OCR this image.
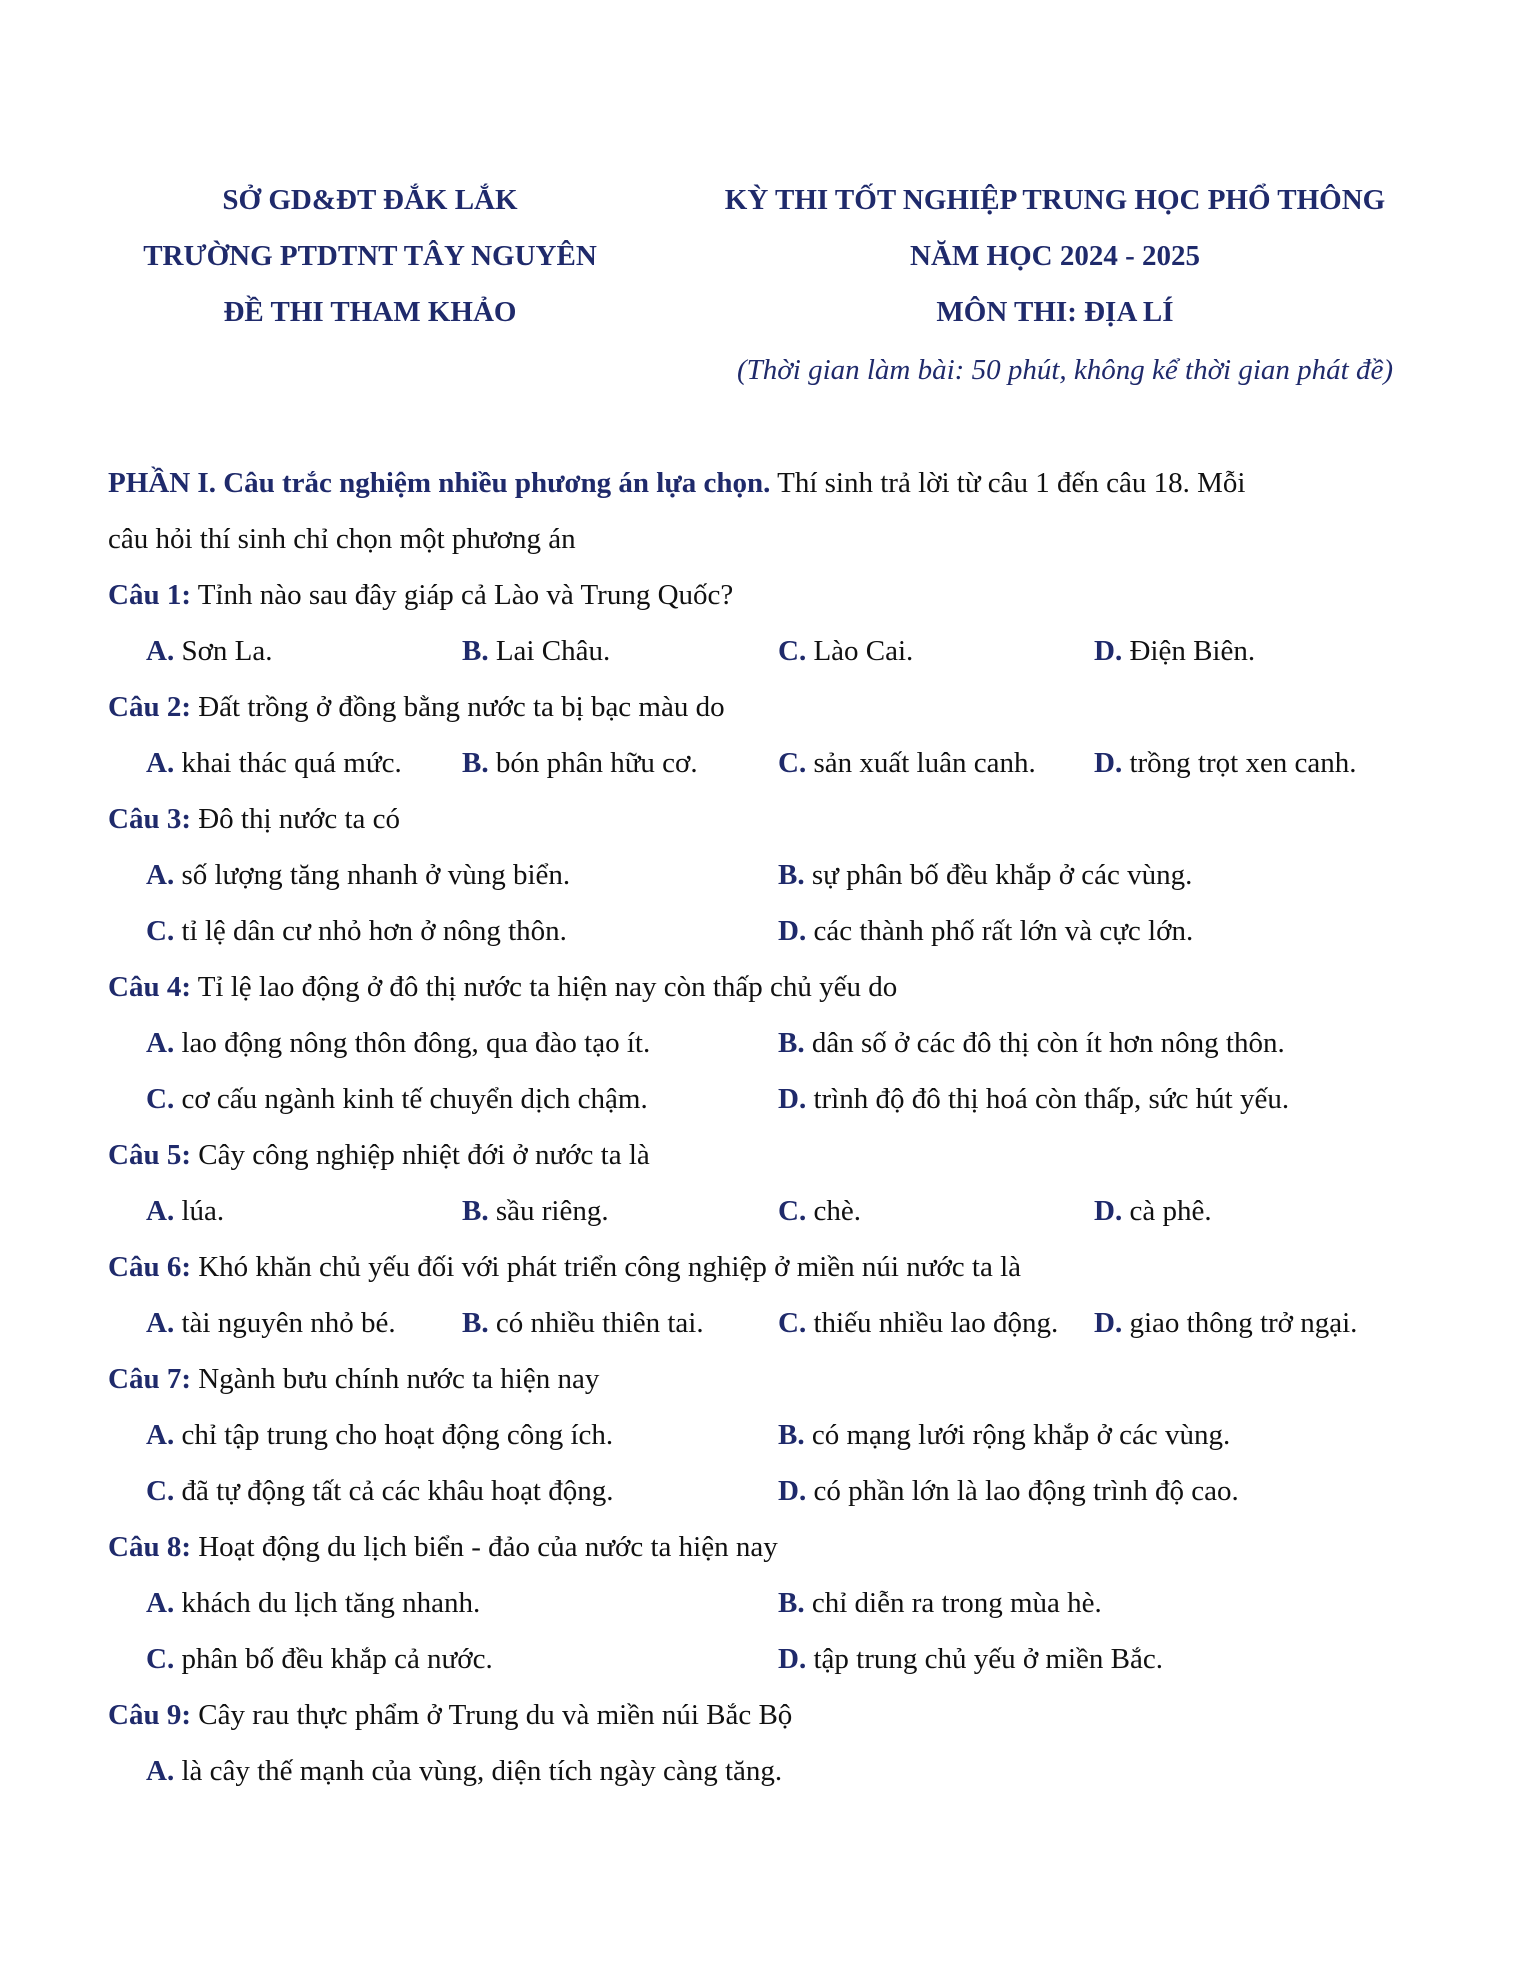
SỞ GD&ĐT ĐẮK LẮK
TRƯỜNG PTDTNT TÂY NGUYÊN
ĐỀ THI THAM KHẢO
KỲ THI TỐT NGHIỆP TRUNG HỌC PHỔ THÔNG
NĂM HỌC 2024 - 2025
MÔN THI: ĐỊA LÍ
(Thời gian làm bài: 50 phút, không kể thời gian phát đề)
PHẦN I. Câu trắc nghiệm nhiều phương án lựa chọn. Thí sinh trả lời từ câu 1 đến câu 18. Mỗi
câu hỏi thí sinh chỉ chọn một phương án
Câu 1: Tỉnh nào sau đây giáp cả Lào và Trung Quốc?
A. Sơn La.	B. Lai Châu.	C. Lào Cai.	D. Điện Biên.
Câu 2: Đất trồng ở đồng bằng nước ta bị bạc màu do
A. khai thác quá mức. B. bón phân hữu cơ.	C. sản xuất luân canh. D. trồng trọt xen canh.
Câu 3: Đô thị nước ta có
A. số lượng tăng nhanh ở vùng biển.	B. sự phân bố đều khắp ở các vùng.
C. tỉ lệ dân cư nhỏ hơn ở nông thôn.	D. các thành phố rất lớn và cực lớn.
Câu 4: Tỉ lệ lao động ở đô thị nước ta hiện nay còn thấp chủ yếu do
A. lao động nông thôn đông, qua đào tạo ít.	B. dân số ở các đô thị còn ít hơn nông thôn.
C. cơ cấu ngành kinh tế chuyển dịch chậm.	D. trình độ đô thị hoá còn thấp, sức hút yếu.
Câu 5: Cây công nghiệp nhiệt đới ở nước ta là
A. lúa.	B. sầu riêng.	C. chè.	D. cà phê.
Câu 6: Khó khăn chủ yếu đối với phát triển công nghiệp ở miền núi nước ta là
A. tài nguyên nhỏ bé. B. có nhiều thiên tai.	C. thiếu nhiều lao động. D. giao thông trở ngại.
Câu 7: Ngành bưu chính nước ta hiện nay
A. chỉ tập trung cho hoạt động công ích.	B. có mạng lưới rộng khắp ở các vùng.
C. đã tự động tất cả các khâu hoạt động.	D. có phần lớn là lao động trình độ cao.
Câu 8: Hoạt động du lịch biển - đảo của nước ta hiện nay
A. khách du lịch tăng nhanh.	B. chỉ diễn ra trong mùa hè.
C. phân bố đều khắp cả nước.	D. tập trung chủ yếu ở miền Bắc.
Câu 9: Cây rau thực phẩm ở Trung du và miền núi Bắc Bộ
A. là cây thế mạnh của vùng, diện tích ngày càng tăng.
